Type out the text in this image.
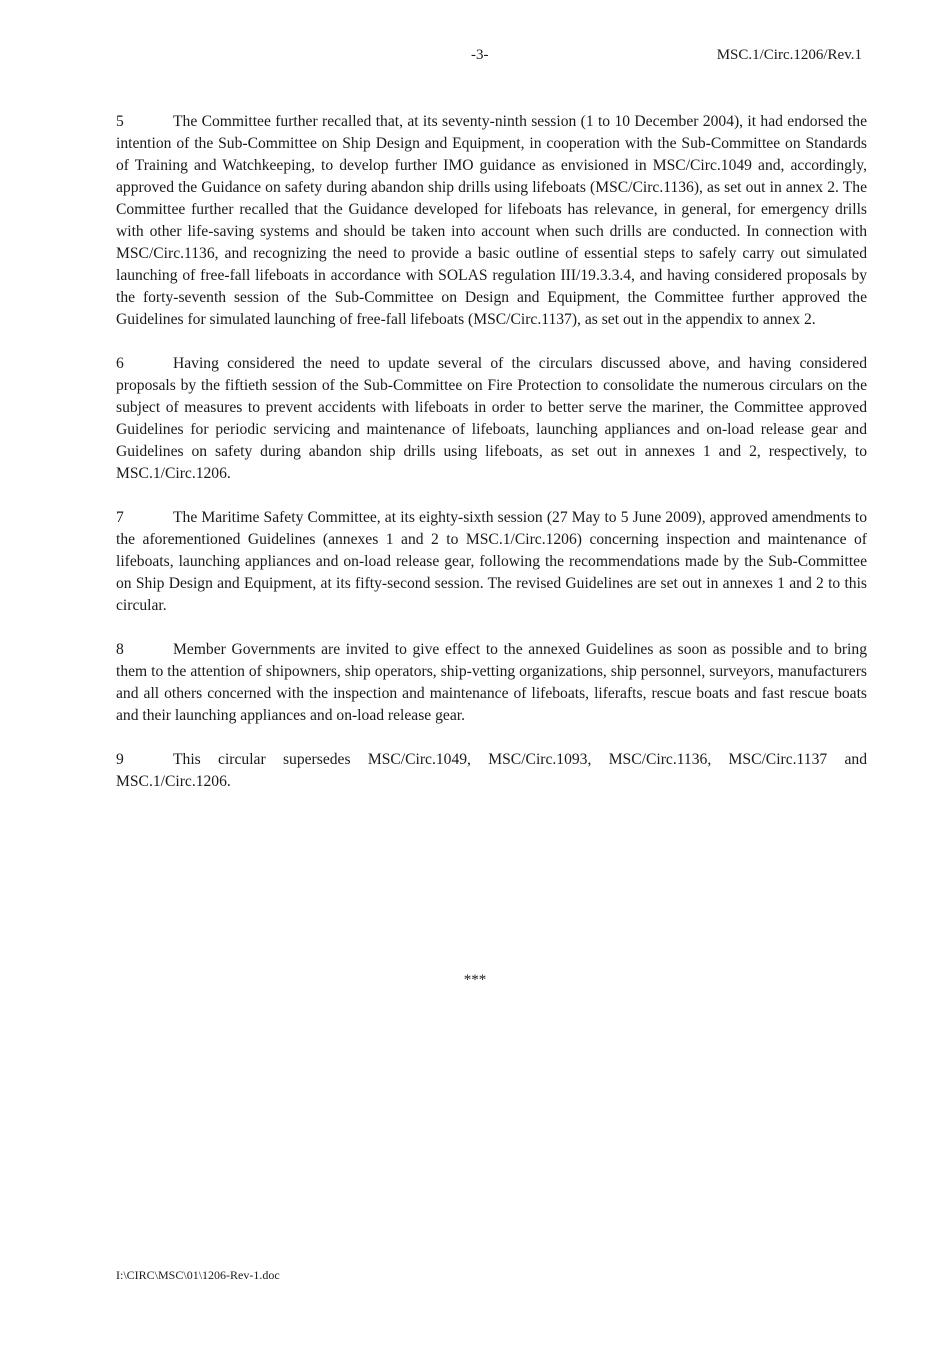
-3-	MSC.1/Circ.1206/Rev.1

5	The Committee further recalled that, at its seventy-ninth session (1 to 10 December 2004), it had endorsed the intention of the Sub-Committee on Ship Design and Equipment, in cooperation with the Sub-Committee on Standards of Training and Watchkeeping, to develop further IMO guidance as envisioned in MSC/Circ.1049 and, accordingly, approved the Guidance on safety during abandon ship drills using lifeboats (MSC/Circ.1136), as set out in annex 2. The Committee further recalled that the Guidance developed for lifeboats has relevance, in general, for emergency drills with other life-saving systems and should be taken into account when such drills are conducted. In connection with MSC/Circ.1136, and recognizing the need to provide a basic outline of essential steps to safely carry out simulated launching of free-fall lifeboats in accordance with SOLAS regulation III/19.3.3.4, and having considered proposals by the forty-seventh session of the Sub-Committee on Design and Equipment, the Committee further approved the Guidelines for simulated launching of free-fall lifeboats (MSC/Circ.1137), as set out in the appendix to annex 2.

6	Having considered the need to update several of the circulars discussed above, and having considered proposals by the fiftieth session of the Sub-Committee on Fire Protection to consolidate the numerous circulars on the subject of measures to prevent accidents with lifeboats in order to better serve the mariner, the Committee approved Guidelines for periodic servicing and maintenance of lifeboats, launching appliances and on-load release gear and Guidelines on safety during abandon ship drills using lifeboats, as set out in annexes 1 and 2, respectively, to MSC.1/Circ.1206.

7	The Maritime Safety Committee, at its eighty-sixth session (27 May to 5 June 2009), approved amendments to the aforementioned Guidelines (annexes 1 and 2 to MSC.1/Circ.1206) concerning inspection and maintenance of lifeboats, launching appliances and on-load release gear, following the recommendations made by the Sub-Committee on Ship Design and Equipment, at its fifty-second session. The revised Guidelines are set out in annexes 1 and 2 to this circular.

8	Member Governments are invited to give effect to the annexed Guidelines as soon as possible and to bring them to the attention of shipowners, ship operators, ship-vetting organizations, ship personnel, surveyors, manufacturers and all others concerned with the inspection and maintenance of lifeboats, liferafts, rescue boats and fast rescue boats and their launching appliances and on-load release gear.

9	This circular supersedes MSC/Circ.1049, MSC/Circ.1093, MSC/Circ.1136, MSC/Circ.1137 and MSC.1/Circ.1206.

***
I:\CIRC\MSC\01\1206-Rev-1.doc
